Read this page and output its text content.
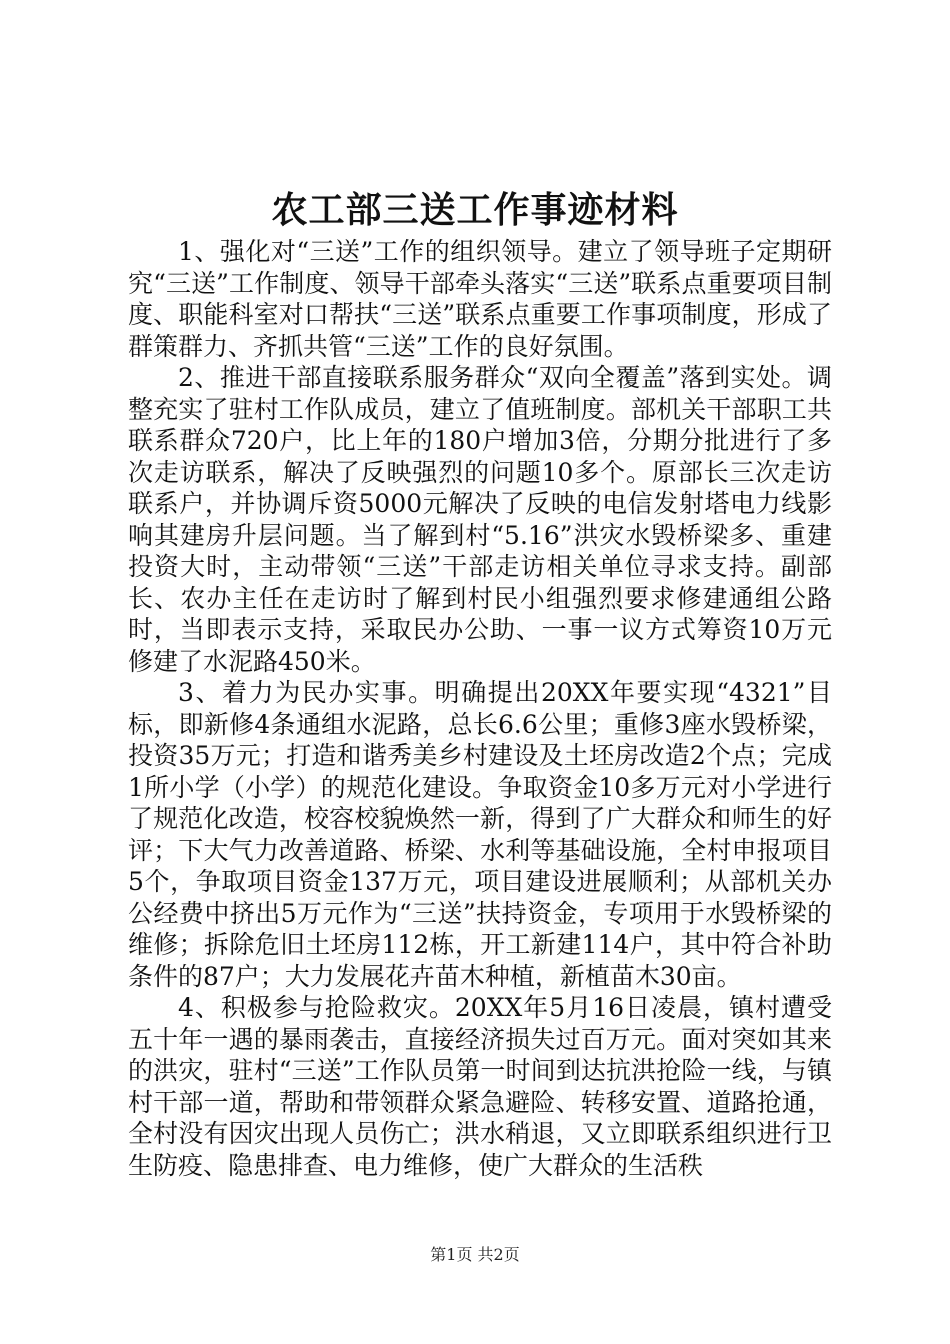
农工部三送工作事迹材料

1、强化对“三送”工作的组织领导。建立了领导班子定期研究“三送”工作制度、领导干部牵头落实“三送”联系点重要项目制度、职能科室对口帮扶“三送”联系点重要工作事项制度，形成了群策群力、齐抓共管“三送”工作的良好氛围。

2、推进干部直接联系服务群众“双向全覆盖”落到实处。调整充实了驻村工作队成员，建立了值班制度。部机关干部职工共联系群众720户，比上年的180户增加3倍，分期分批进行了多次走访联系，解决了反映强烈的问题10多个。原部长三次走访联系户，并协调斥资5000元解决了反映的电信发射塔电力线影响其建房升层问题。当了解到村“5.16”洪灾水毁桥梁多、重建投资大时，主动带领“三送”干部走访相关单位寻求支持。副部长、农办主任在走访时了解到村民小组强烈要求修建通组公路时，当即表示支持，采取民办公助、一事一议方式筹资10万元修建了水泥路450米。

3、着力为民办实事。明确提出20XX年要实现“4321”目标，即新修4条通组水泥路，总长6.6公里；重修3座水毁桥梁，投资35万元；打造和谐秀美乡村建设及土坯房改造2个点；完成1所小学（小学）的规范化建设。争取资金10多万元对小学进行了规范化改造，校容校貌焕然一新，得到了广大群众和师生的好评；下大气力改善道路、桥梁、水利等基础设施，全村申报项目5个，争取项目资金137万元，项目建设进展顺利；从部机关办公经费中挤出5万元作为“三送”扶持资金，专项用于水毁桥梁的维修；拆除危旧土坯房112栋，开工新建114户，其中符合补助条件的87户；大力发展花卉苗木种植，新植苗木30亩。

4、积极参与抢险救灾。20XX年5月16日凌晨，镇村遭受五十年一遇的暴雨袭击，直接经济损失过百万元。面对突如其来的洪灾，驻村“三送”工作队员第一时间到达抗洪抢险一线，与镇村干部一道，帮助和带领群众紧急避险、转移安置、道路抢通，全村没有因灾出现人员伤亡；洪水稍退，又立即联系组织进行卫生防疫、隐患排查、电力维修，使广大群众的生活秩

第1页 共2页
